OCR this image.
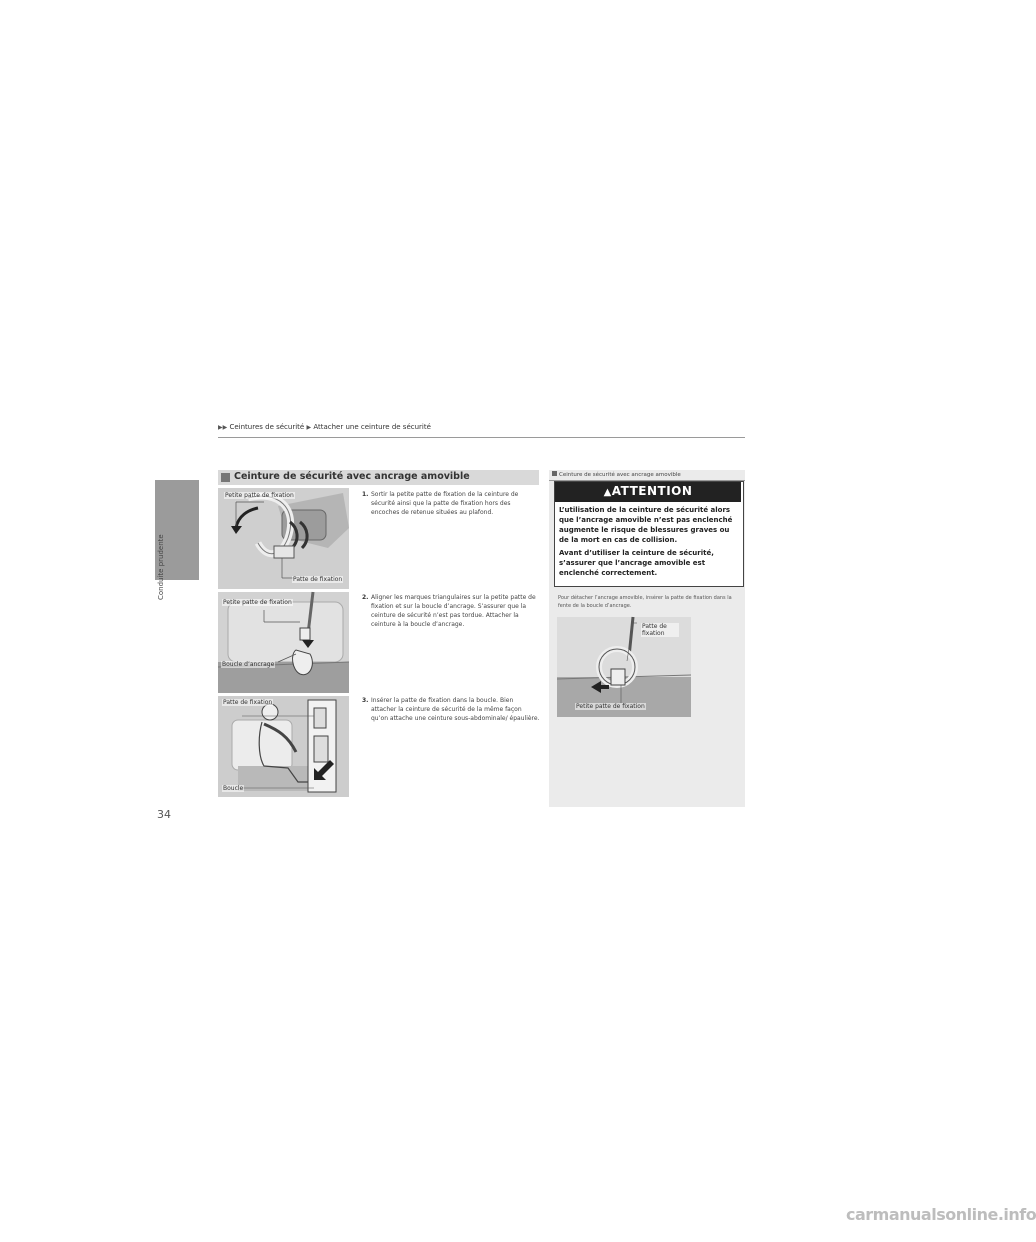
▶▶ Ceintures de sécurité ▶ Attacher une ceinture de sécurité
Conduite prudente
34
Ceinture de sécurité avec ancrage amovible
Petite patte de fixation
Patte de fixation
Petite patte de fixation
Boucle d’ancrage
Patte de fixation
Boucle
1. Sortir la petite patte de fixation de la ceinture de sécurité ainsi que la patte de fixation hors des encoches de retenue situées au plafond.
2. Aligner les marques triangulaires sur la petite patte de fixation et sur la boucle d’ancrage. S’assurer que la ceinture de sécurité n’est pas tordue. Attacher la ceinture à la boucle d’ancrage.
3. Insérer la patte de fixation dans la boucle. Bien attacher la ceinture de sécurité de la même façon qu’on attache une ceinture sous-abdominale/ épaulière.
Ceinture de sécurité avec ancrage amovible
▲ATTENTION
L’utilisation de la ceinture de sécurité alors que l’ancrage amovible n’est pas enclenché augmente le risque de blessures graves ou de la mort en cas de collision.
Avant d’utiliser la ceinture de sécurité, s’assurer que l’ancrage amovible est enclenché correctement.
Pour détacher l’ancrage amovible, insérer la patte de fixation dans la fente de la boucle d’ancrage.
Patte de fixation
Petite patte de fixation
carmanualsonline.info
